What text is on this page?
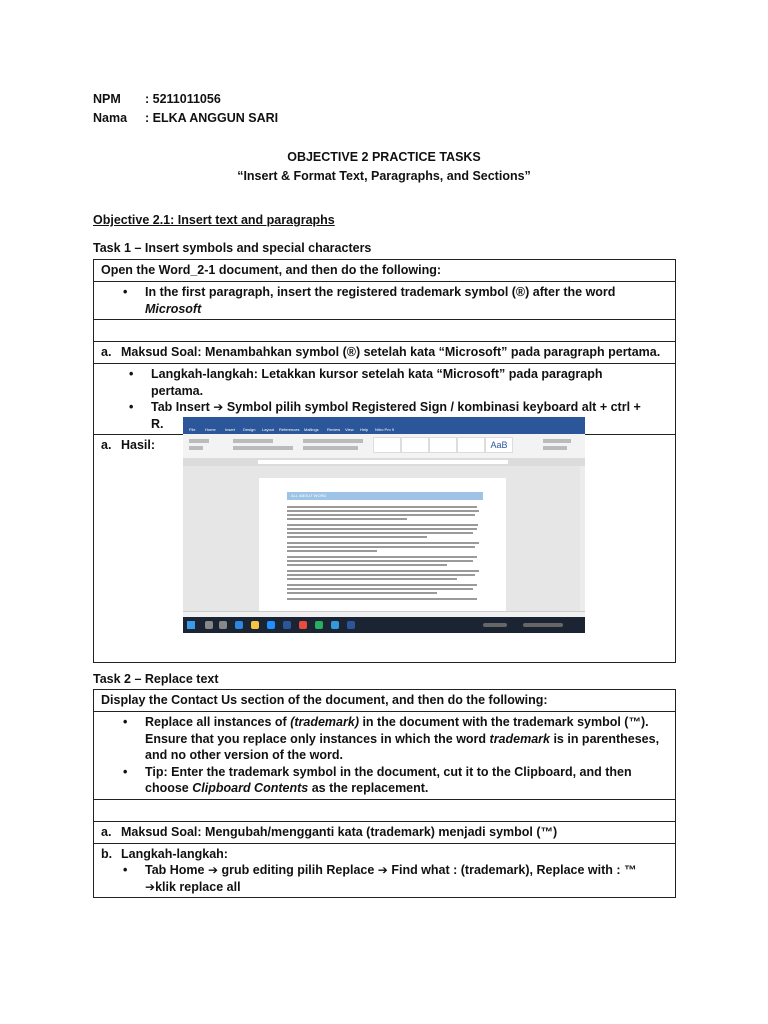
NPM : 5211011056
Nama : ELKA ANGGUN SARI
OBJECTIVE 2 PRACTICE TASKS
“Insert & Format Text, Paragraphs, and Sections”
Objective 2.1: Insert text and paragraphs
Task 1 – Insert symbols and special characters
Open the Word_2-1 document, and then do the following:

• In the first paragraph, insert the registered trademark symbol (®) after the word Microsoft

a. Maksud Soal: Menambahkan symbol (®) setelah kata “Microsoft” pada paragraph pertama.

• Langkah-langkah: Letakkan kursor setelah kata “Microsoft” pada paragraph pertama.
• Tab Insert ➔ Symbol pilih symbol Registered Sign / kombinasi keyboard alt + ctrl + R.

a. Hasil:
File Home Insert Design Layout References Mailings Review View Help Nitro Pro 9
AaB
ALL ABOUT WORD
Task 2 – Replace text
Display the Contact Us section of the document, and then do the following:

• Replace all instances of (trademark) in the document with the trademark symbol (™). Ensure that you replace only instances in which the word trademark is in parentheses, and no other version of the word.
• Tip: Enter the trademark symbol in the document, cut it to the Clipboard, and then choose Clipboard Contents as the replacement.

a. Maksud Soal: Mengubah/mengganti kata (trademark) menjadi symbol (™)

b. Langkah-langkah:
• Tab Home ➔ grub editing pilih Replace ➔ Find what : (trademark), Replace with : ™ ➔klik replace all
